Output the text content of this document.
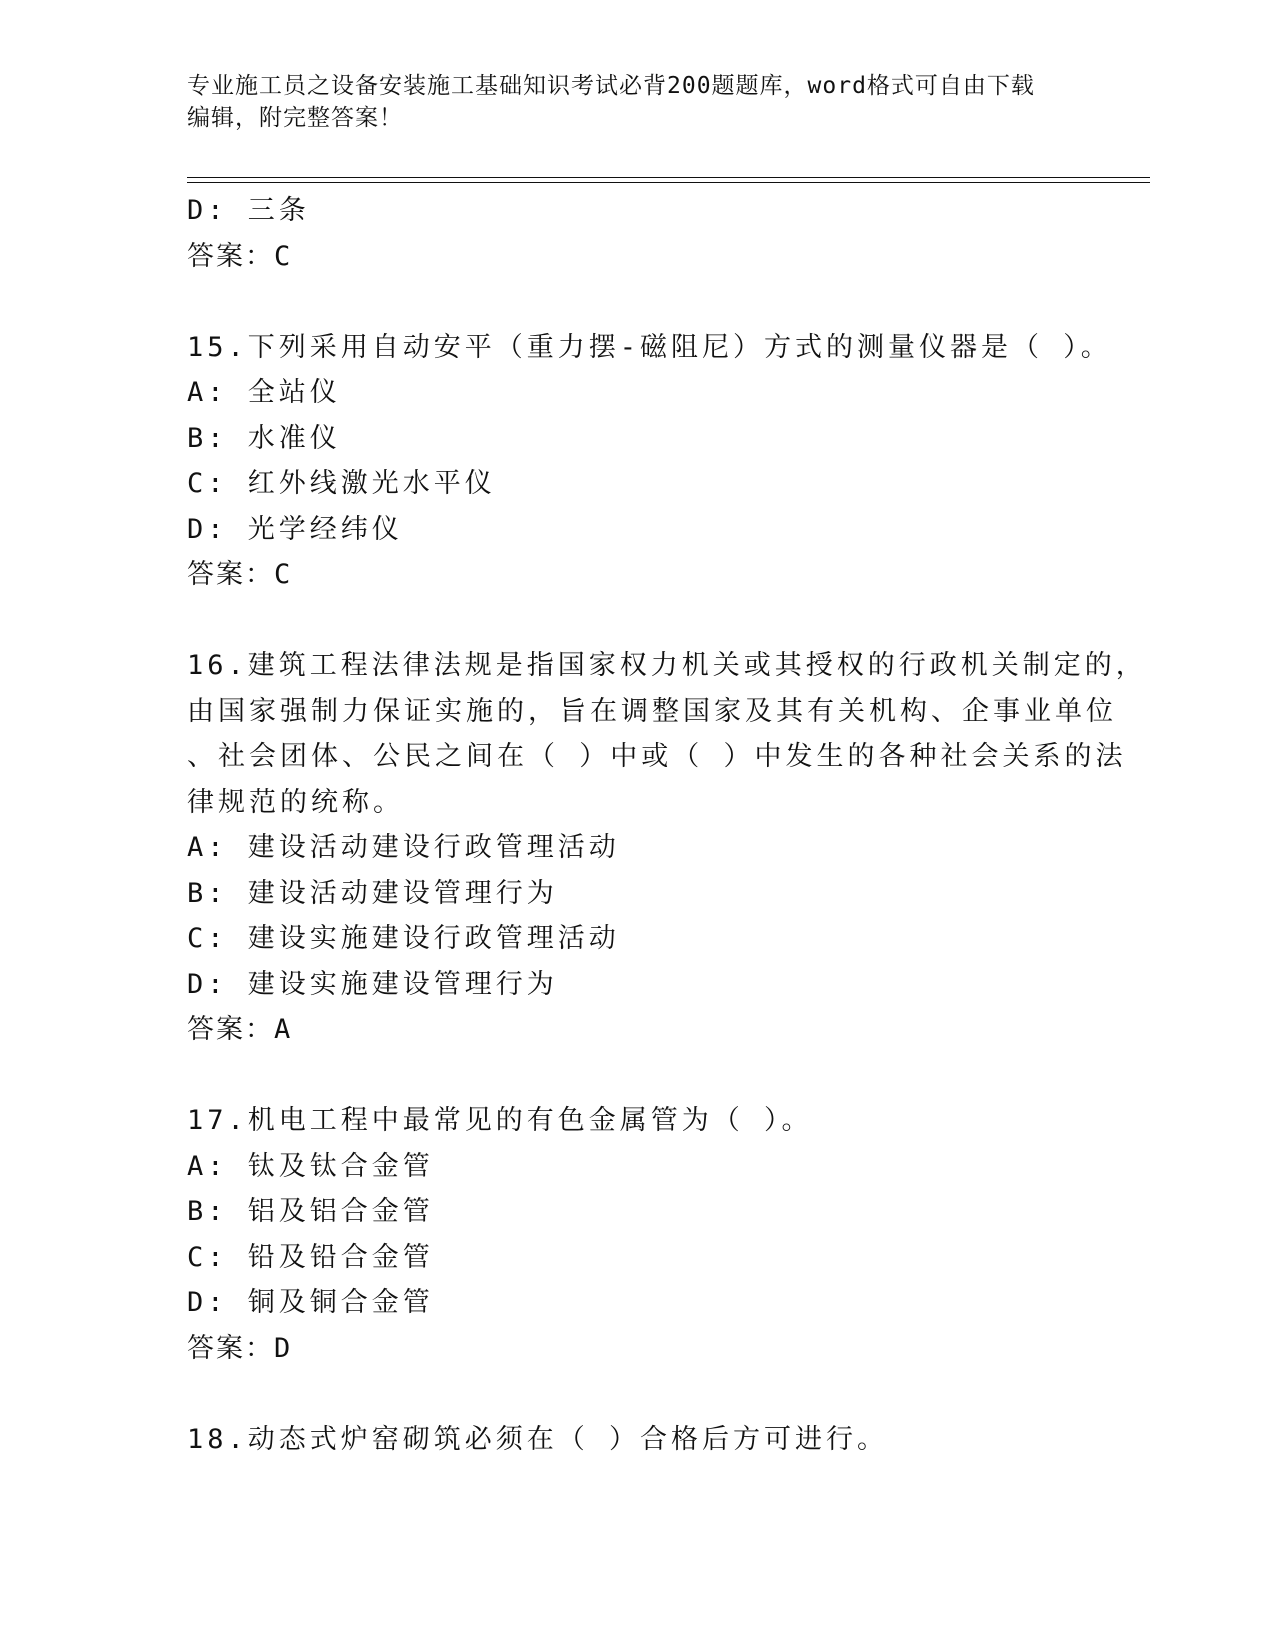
专业施工员之设备安装施工基础知识考试必背200题题库，word格式可自由下载

编辑，附完整答案！

D: 三条
答案：C
15.下列采用自动安平（重力摆-磁阻尼）方式的测量仪器是（ ）。
A: 全站仪
B: 水准仪
C: 红外线激光水平仪
D: 光学经纬仪
答案：C
16.建筑工程法律法规是指国家权力机关或其授权的行政机关制定的，
由国家强制力保证实施的，旨在调整国家及其有关机构、企事业单位
、社会团体、公民之间在（ ）中或（ ）中发生的各种社会关系的法
律规范的统称。
A: 建设活动建设行政管理活动
B: 建设活动建设管理行为
C: 建设实施建设行政管理活动
D: 建设实施建设管理行为
答案：A
17.机电工程中最常见的有色金属管为（ ）。
A: 钛及钛合金管
B: 铝及铝合金管
C: 铅及铅合金管
D: 铜及铜合金管
答案：D
18.动态式炉窑砌筑必须在（ ）合格后方可进行。
